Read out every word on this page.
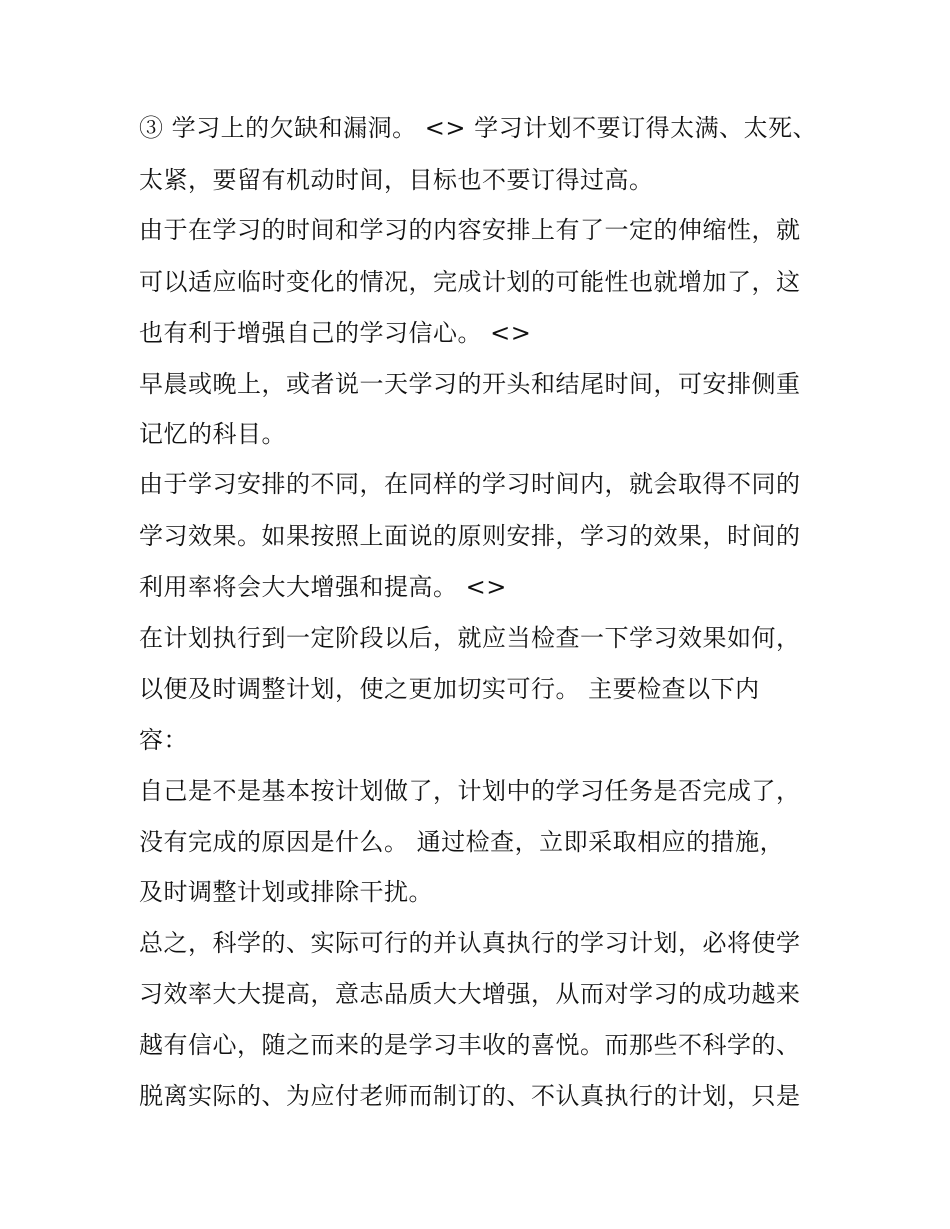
③ 学习上的欠缺和漏洞。 <> 学习计划不要订得太满、太死、
太紧，要留有机动时间，目标也不要订得过高。
由于在学习的时间和学习的内容安排上有了一定的伸缩性，就
可以适应临时变化的情况，完成计划的可能性也就增加了，这
也有利于增强自己的学习信心。 <>
早晨或晚上，或者说一天学习的开头和结尾时间，可安排侧重
记忆的科目。
由于学习安排的不同，在同样的学习时间内，就会取得不同的
学习效果。如果按照上面说的原则安排，学习的效果，时间的
利用率将会大大增强和提高。 <>
在计划执行到一定阶段以后，就应当检查一下学习效果如何，
以便及时调整计划，使之更加切实可行。 主要检查以下内
容：
自己是不是基本按计划做了，计划中的学习任务是否完成了，
没有完成的原因是什么。 通过检查，立即采取相应的措施，
及时调整计划或排除干扰。
总之，科学的、实际可行的并认真执行的学习计划，必将使学
习效率大大提高，意志品质大大增强，从而对学习的成功越来
越有信心，随之而来的是学习丰收的喜悦。而那些不科学的、
脱离实际的、为应付老师而制订的、不认真执行的计划，只是
